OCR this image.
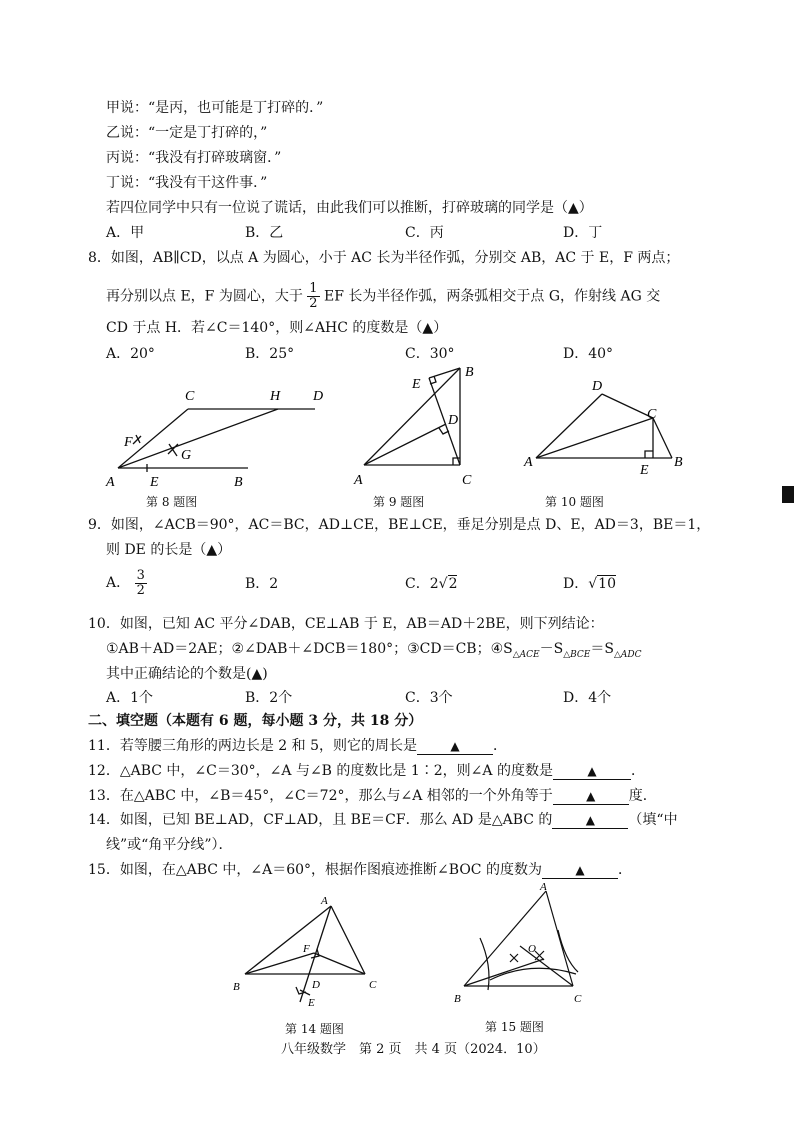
甲说：“是丙，也可能是丁打碎的．”
乙说：“一定是丁打碎的，”
丙说：“我没有打碎玻璃窗．”
丁说：“我没有干这件事．”
若四位同学中只有一位说了谎话，由此我们可以推断，打碎玻璃的同学是（▲）
A．甲	B．乙	C．丙	D．丁
8．如图，AB∥CD，以点 A 为圆心，小于 AC 长为半径作弧，分别交 AB，AC 于 E，F 两点；
再分别以点 E，F 为圆心，大于 $\frac{1}{2}$ EF 长为半径作弧，两条弧相交于点 G，作射线 AG 交
CD 于点 H．若∠C＝140°，则∠AHC 的度数是（▲）
A．20°	B．25°	C．30°	D．40°
C	H D
F
G
A	E	B
第 8 题图
E
B
D
A	C
第 9 题图
D
C
A
E
B
第 10 题图
9．如图，∠ACB＝90°，AC＝BC，AD⊥CE，BE⊥CE，垂足分别是点 D、E，AD＝3，BE＝1，
则 DE 的长是（▲）
A． $\frac{3}{2}$	B．2	C．2√2	D．√10
10．如图，已知 AC 平分∠DAB，CE⊥AB 于 E，AB＝AD＋2BE，则下列结论：
①AB＋AD＝2AE；②∠DAB＋∠DCB＝180°；③CD＝CB；$④S_{\triangle ACE}-S_{\triangle BCE}=S_{\triangle ADC}$
其中正确结论的个数是(▲)
A．1个	B．2个	C．3个	D．4个
二、填空题（本题有 6 题，每小题 3 分，共 18 分）
11．若等腰三角形的两边长是 2 和 5，则它的周长是	▲ ．
12．△ABC 中，∠C＝30°，∠A 与∠B 的度数比是 1∶2，则∠A 的度数是	▲ ．
13．在△ABC 中，∠B＝45°，∠C＝72°，那么与∠A 相邻的一个外角等于	▲ 度．
14．如图，已知 BE⊥AD，CF⊥AD，且 BE＝CF．那么 AD 是△ABC 的	▲ （填“中
线”或“角平分线”）．
15．如图，在△ABC 中，∠A＝60°，根据作图痕迹推断∠BOC 的度数为	▲ ．
A
F
B	D	C
E
第 14 题图
A
O
B	C
第 15 题图
八年级数学　第 2 页　共 4 页（2024．10）
